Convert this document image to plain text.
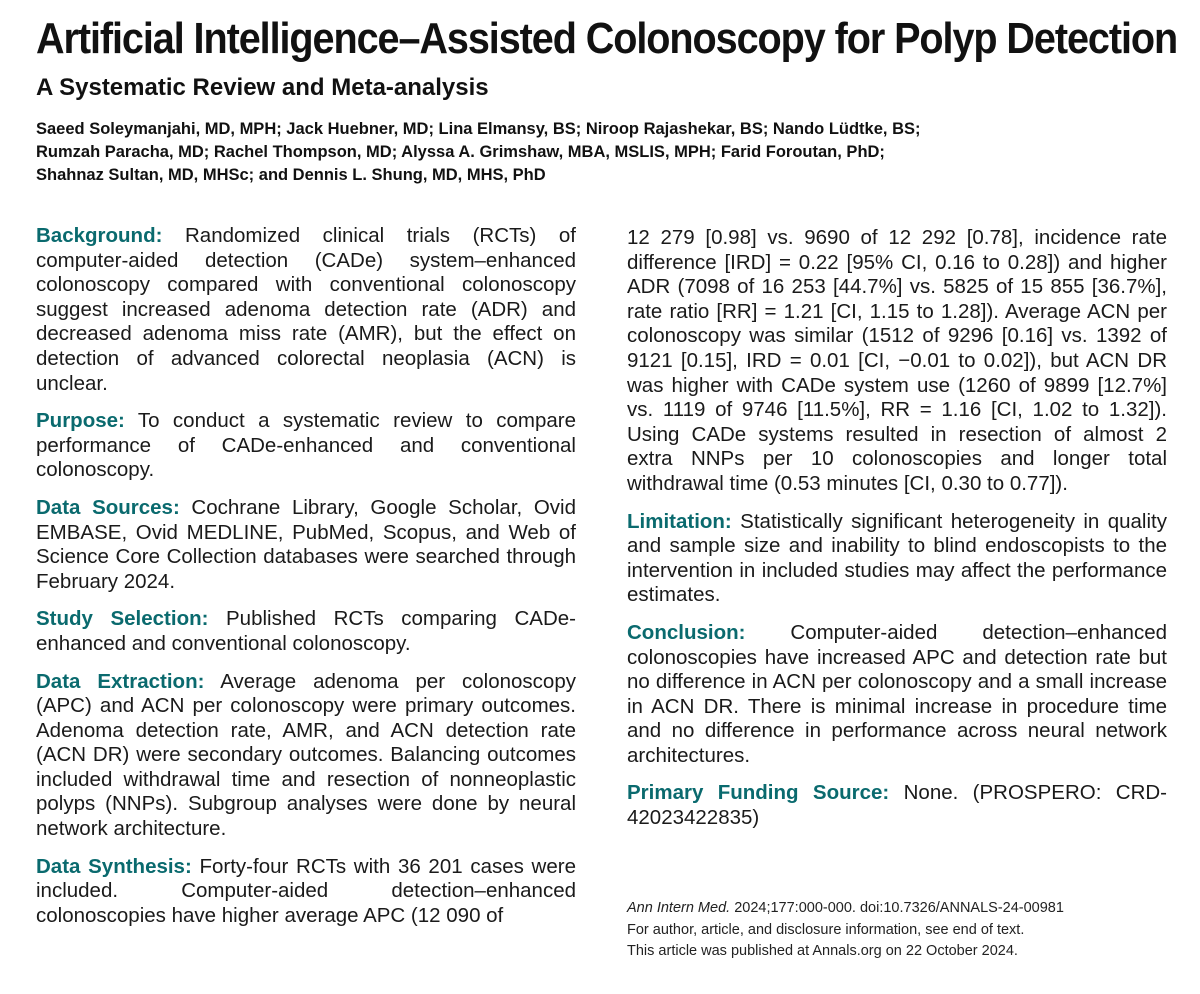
Artificial Intelligence–Assisted Colonoscopy for Polyp Detection
A Systematic Review and Meta-analysis
Saeed Soleymanjahi, MD, MPH; Jack Huebner, MD; Lina Elmansy, BS; Niroop Rajashekar, BS; Nando Lüdtke, BS;
Rumzah Paracha, MD; Rachel Thompson, MD; Alyssa A. Grimshaw, MBA, MSLIS, MPH; Farid Foroutan, PhD;
Shahnaz Sultan, MD, MHSc; and Dennis L. Shung, MD, MHS, PhD

Background: Randomized clinical trials (RCTs) of computer-aided detection (CADe) system–enhanced colonoscopy compared with conventional colonoscopy suggest increased adenoma detection rate (ADR) and decreased adenoma miss rate (AMR), but the effect on detection of advanced colorectal neoplasia (ACN) is unclear.

Purpose: To conduct a systematic review to compare performance of CADe-enhanced and conventional colonoscopy.

Data Sources: Cochrane Library, Google Scholar, Ovid EMBASE, Ovid MEDLINE, PubMed, Scopus, and Web of Science Core Collection databases were searched through February 2024.

Study Selection: Published RCTs comparing CADe-enhanced and conventional colonoscopy.

Data Extraction: Average adenoma per colonoscopy (APC) and ACN per colonoscopy were primary outcomes. Adenoma detection rate, AMR, and ACN detection rate (ACN DR) were secondary outcomes. Balancing outcomes included withdrawal time and resection of nonneoplastic polyps (NNPs). Subgroup analyses were done by neural network architecture.

Data Synthesis: Forty-four RCTs with 36 201 cases were included. Computer-aided detection–enhanced colonoscopies have higher average APC (12 090 of

12 279 [0.98] vs. 9690 of 12 292 [0.78], incidence rate difference [IRD] = 0.22 [95% CI, 0.16 to 0.28]) and higher ADR (7098 of 16 253 [44.7%] vs. 5825 of 15 855 [36.7%], rate ratio [RR] = 1.21 [CI, 1.15 to 1.28]). Average ACN per colonoscopy was similar (1512 of 9296 [0.16] vs. 1392 of 9121 [0.15], IRD = 0.01 [CI, −0.01 to 0.02]), but ACN DR was higher with CADe system use (1260 of 9899 [12.7%] vs. 1119 of 9746 [11.5%], RR = 1.16 [CI, 1.02 to 1.32]). Using CADe systems resulted in resection of almost 2 extra NNPs per 10 colonoscopies and longer total withdrawal time (0.53 minutes [CI, 0.30 to 0.77]).

Limitation: Statistically significant heterogeneity in quality and sample size and inability to blind endoscopists to the intervention in included studies may affect the performance estimates.

Conclusion: Computer-aided detection–enhanced colonoscopies have increased APC and detection rate but no difference in ACN per colonoscopy and a small increase in ACN DR. There is minimal increase in procedure time and no difference in performance across neural network architectures.

Primary Funding Source: None. (PROSPERO: CRD-42023422835)

Ann Intern Med. 2024;177:000-000. doi:10.7326/ANNALS-24-00981
For author, article, and disclosure information, see end of text.
This article was published at Annals.org on 22 October 2024.
